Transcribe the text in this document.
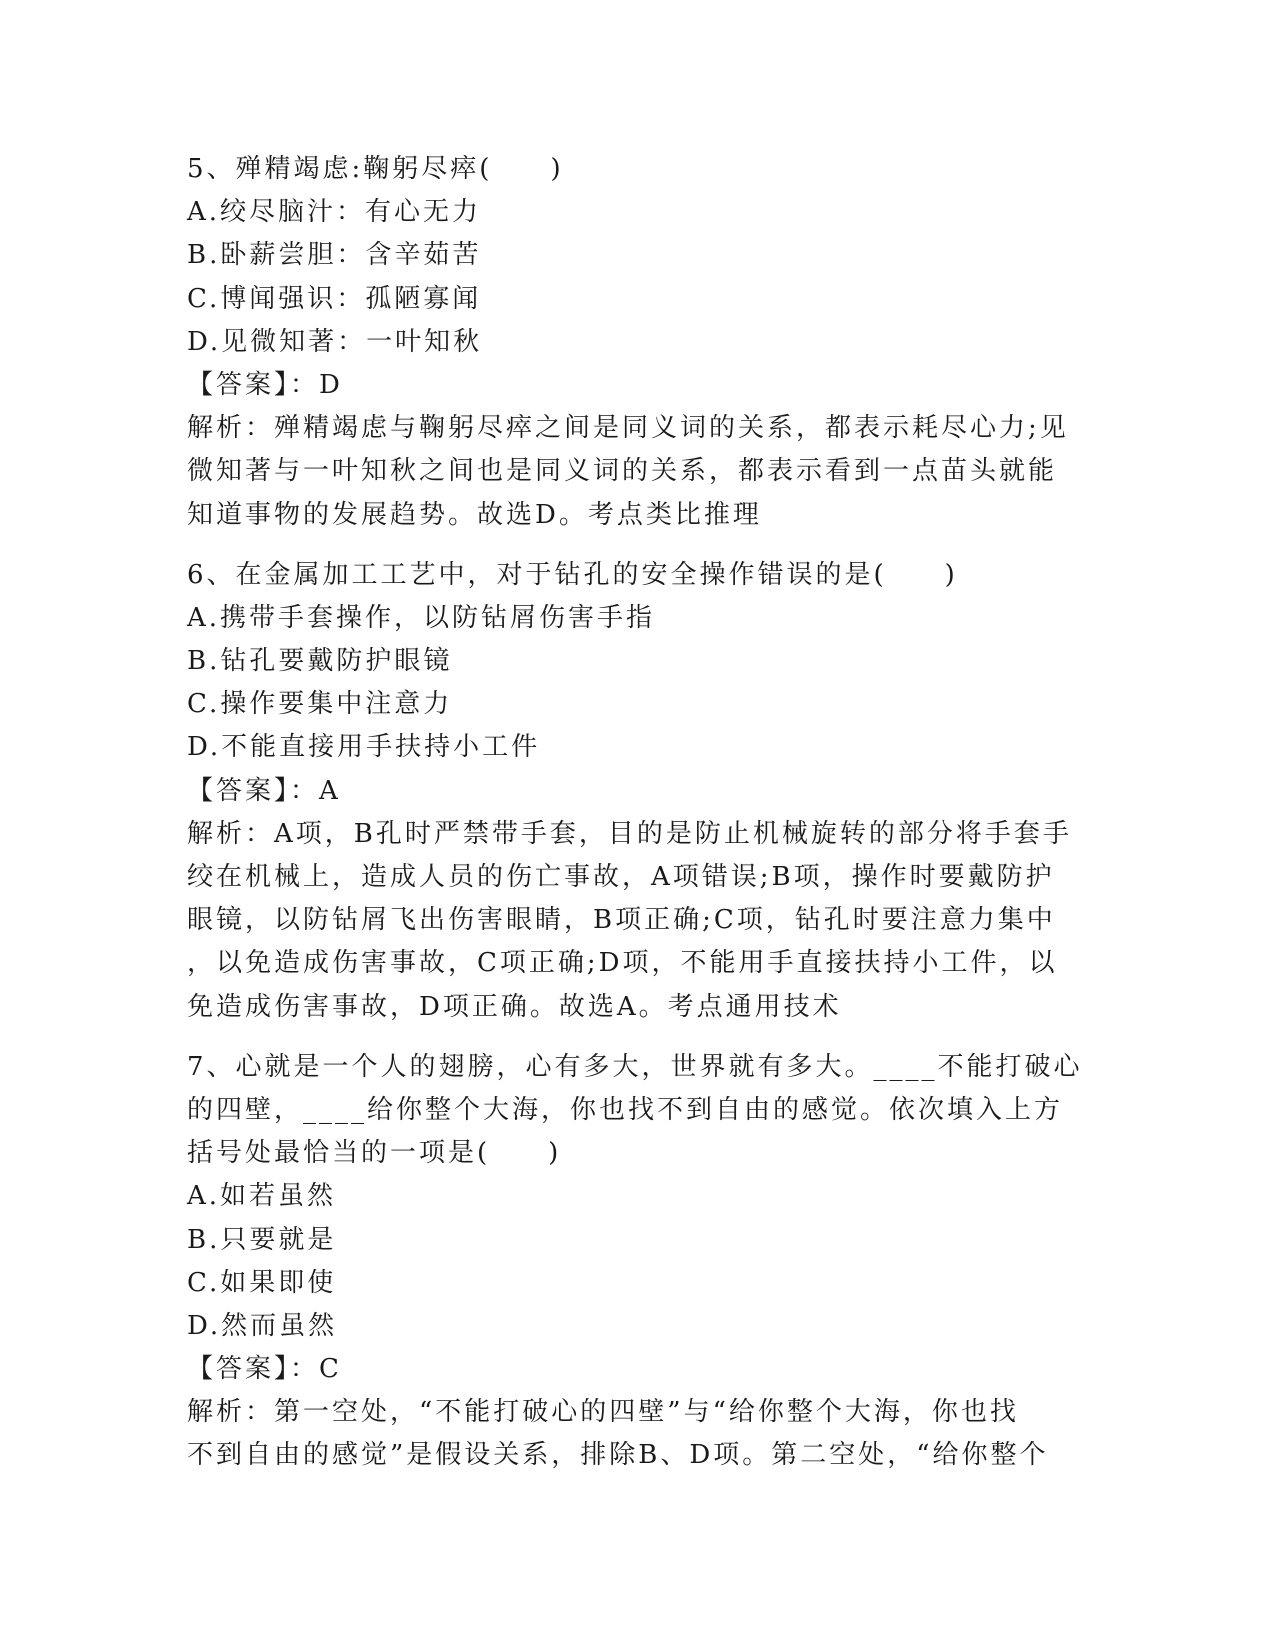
5、殚精竭虑:鞠躬尽瘁(　　)
A.绞尽脑汁：有心无力
B.卧薪尝胆：含辛茹苦
C.博闻强识：孤陋寡闻
D.见微知著：一叶知秋
【答案】：D
解析：殚精竭虑与鞠躬尽瘁之间是同义词的关系，都表示耗尽心力;见
微知著与一叶知秋之间也是同义词的关系，都表示看到一点苗头就能
知道事物的发展趋势。故选D。考点类比推理
6、在金属加工工艺中，对于钻孔的安全操作错误的是(　　)
A.携带手套操作，以防钻屑伤害手指
B.钻孔要戴防护眼镜
C.操作要集中注意力
D.不能直接用手扶持小工件
【答案】：A
解析：A项，B孔时严禁带手套，目的是防止机械旋转的部分将手套手
绞在机械上，造成人员的伤亡事故，A项错误;B项，操作时要戴防护
眼镜，以防钻屑飞出伤害眼睛，B项正确;C项，钻孔时要注意力集中
，以免造成伤害事故，C项正确;D项，不能用手直接扶持小工件，以
免造成伤害事故，D项正确。故选A。考点通用技术
7、心就是一个人的翅膀，心有多大，世界就有多大。____不能打破心
的四壁，____给你整个大海，你也找不到自由的感觉。依次填入上方
括号处最恰当的一项是(　　)
A.如若虽然
B.只要就是
C.如果即使
D.然而虽然
【答案】：C
解析：第一空处，“不能打破心的四壁”与“给你整个大海，你也找
不到自由的感觉”是假设关系，排除B、D项。第二空处，“给你整个
